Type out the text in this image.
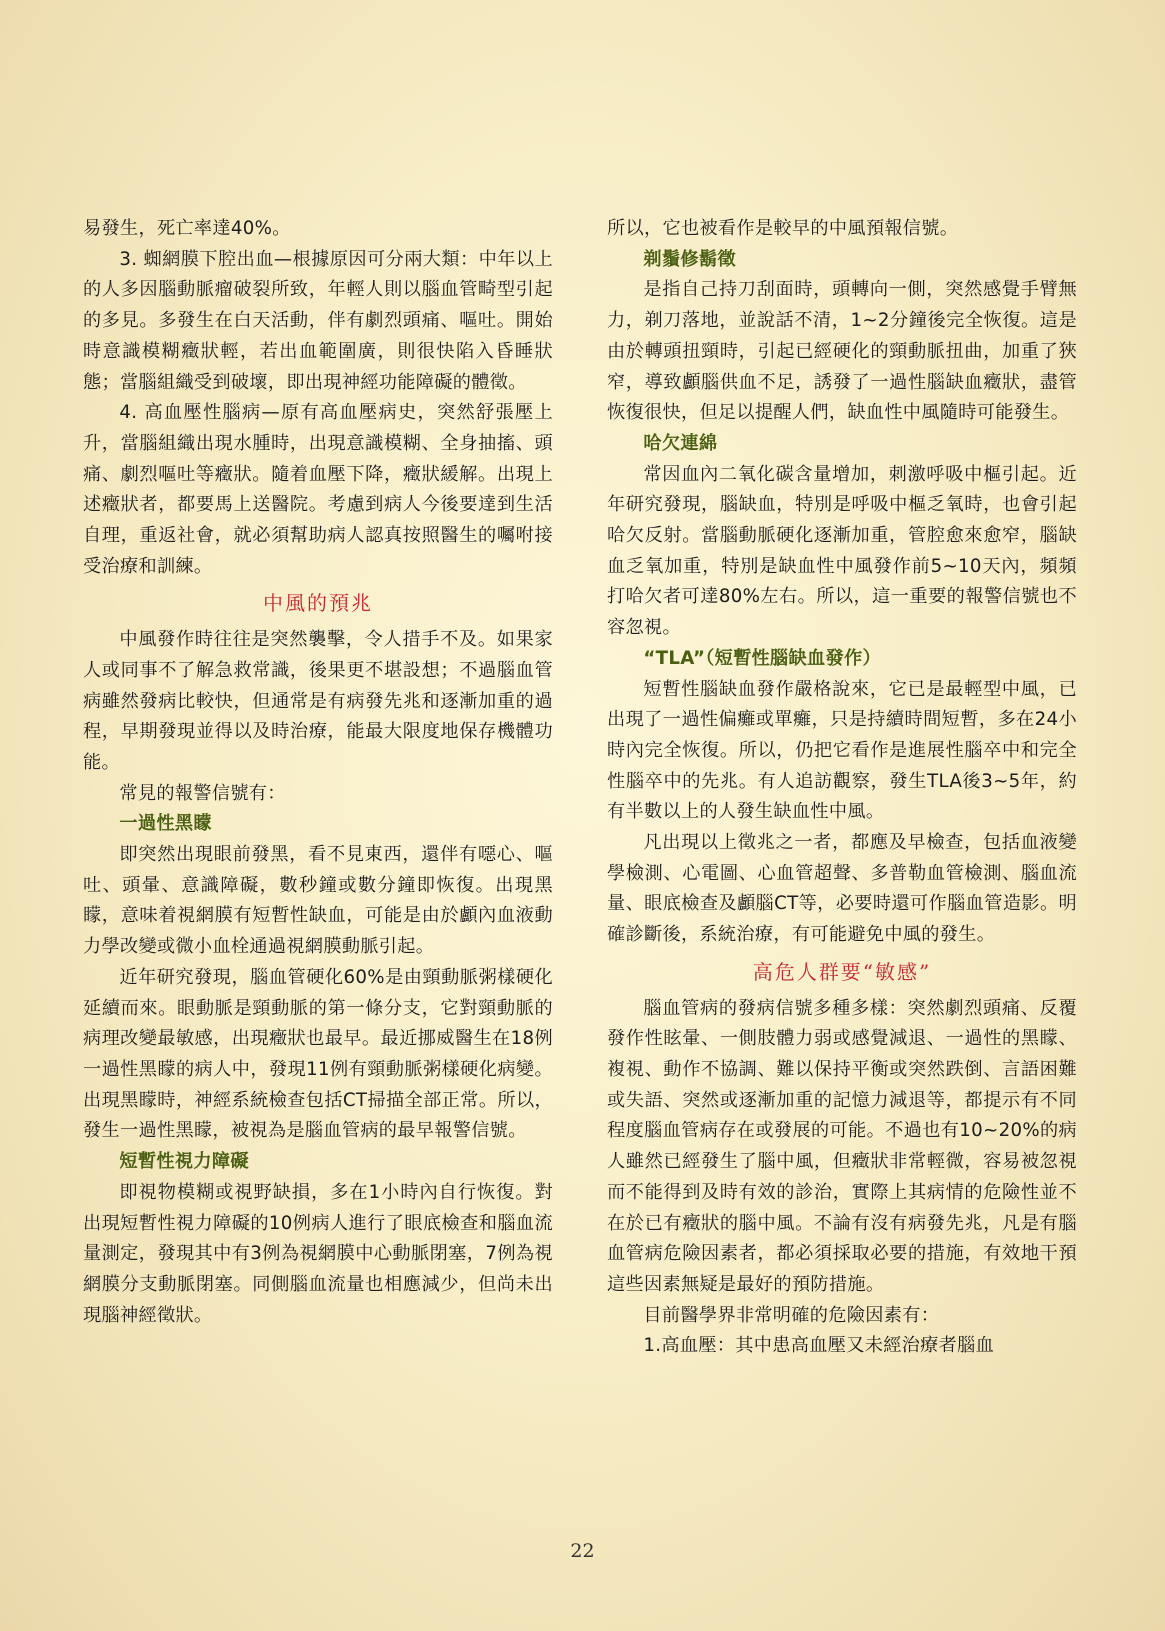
易發生，死亡率達40%。

3. 蜘網膜下腔出血—根據原因可分兩大類：中年以上的人多因腦動脈瘤破裂所致，年輕人則以腦血管畸型引起的多見。多發生在白天活動，伴有劇烈頭痛、嘔吐。開始時意識模糊癥狀輕，若出血範圍廣，則很快陷入昏睡狀態；當腦組織受到破壞，即出現神經功能障礙的體徵。

4. 高血壓性腦病—原有高血壓病史，突然舒張壓上升，當腦組織出現水腫時，出現意識模糊、全身抽搐、頭痛、劇烈嘔吐等癥狀。隨着血壓下降，癥狀緩解。出現上述癥狀者，都要馬上送醫院。考慮到病人今後要達到生活自理，重返社會，就必須幫助病人認真按照醫生的囑咐接受治療和訓練。

中風的預兆

中風發作時往往是突然襲擊，令人措手不及。如果家人或同事不了解急救常識，後果更不堪設想；不過腦血管病雖然發病比較快，但通常是有病發先兆和逐漸加重的過程，早期發現並得以及時治療，能最大限度地保存機體功能。

常見的報警信號有：

一過性黑矇

即突然出現眼前發黑，看不見東西，還伴有噁心、嘔吐、頭暈、意識障礙，數秒鐘或數分鐘即恢復。出現黑矇，意味着視網膜有短暫性缺血，可能是由於顱內血液動力學改變或微小血栓通過視網膜動脈引起。

近年研究發現，腦血管硬化60%是由頸動脈粥樣硬化延續而來。眼動脈是頸動脈的第一條分支，它對頸動脈的病理改變最敏感，出現癥狀也最早。最近挪威醫生在18例一過性黑矇的病人中，發現11例有頸動脈粥樣硬化病變。出現黑矇時，神經系統檢查包括CT掃描全部正常。所以，發生一過性黑矇，被視為是腦血管病的最早報警信號。

短暫性視力障礙

即視物模糊或視野缺損，多在1小時內自行恢復。對出現短暫性視力障礙的10例病人進行了眼底檢查和腦血流量測定，發現其中有3例為視網膜中心動脈閉塞，7例為視網膜分支動脈閉塞。同側腦血流量也相應減少，但尚未出現腦神經徵狀。

所以，它也被看作是較早的中風預報信號。

剃鬚修鬍徵

是指自己持刀刮面時，頭轉向一側，突然感覺手臂無力，剃刀落地，並說話不清，1~2分鐘後完全恢復。這是由於轉頭扭頸時，引起已經硬化的頸動脈扭曲，加重了狹窄，導致顱腦供血不足，誘發了一過性腦缺血癥狀，盡管恢復很快，但足以提醒人們，缺血性中風隨時可能發生。

哈欠連綿

常因血內二氧化碳含量增加，刺激呼吸中樞引起。近年研究發現，腦缺血，特別是呼吸中樞乏氧時，也會引起哈欠反射。當腦動脈硬化逐漸加重，管腔愈來愈窄，腦缺血乏氧加重，特別是缺血性中風發作前5~10天內，頻頻打哈欠者可達80%左右。所以，這一重要的報警信號也不容忽視。

“TLA”（短暫性腦缺血發作）

短暫性腦缺血發作嚴格說來，它已是最輕型中風，已出現了一過性偏癱或單癱，只是持續時間短暫，多在24小時內完全恢復。所以，仍把它看作是進展性腦卒中和完全性腦卒中的先兆。有人追訪觀察，發生TLA後3~5年，約有半數以上的人發生缺血性中風。

凡出現以上徵兆之一者，都應及早檢查，包括血液變學檢測、心電圖、心血管超聲、多普勒血管檢測、腦血流量、眼底檢查及顱腦CT等，必要時還可作腦血管造影。明確診斷後，系統治療，有可能避免中風的發生。

高危人群要“敏感”

腦血管病的發病信號多種多樣：突然劇烈頭痛、反覆發作性眩暈、一側肢體力弱或感覺減退、一過性的黑矇、複視、動作不協調、難以保持平衡或突然跌倒、言語困難或失語、突然或逐漸加重的記憶力減退等，都提示有不同程度腦血管病存在或發展的可能。不過也有10~20%的病人雖然已經發生了腦中風，但癥狀非常輕微，容易被忽視而不能得到及時有效的診治，實際上其病情的危險性並不在於已有癥狀的腦中風。不論有沒有病發先兆，凡是有腦血管病危險因素者，都必須採取必要的措施，有效地干預這些因素無疑是最好的預防措施。

目前醫學界非常明確的危險因素有：

1.高血壓：其中患高血壓又未經治療者腦血

22
